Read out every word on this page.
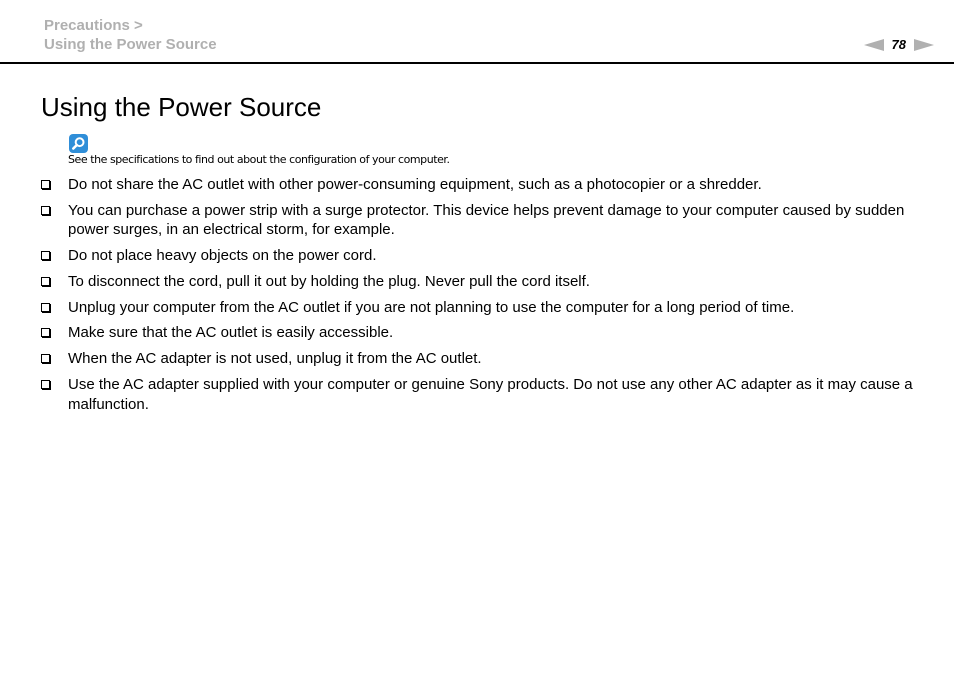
Precautions >
Using the Power Source	78
Using the Power Source
See the specifications to find out about the configuration of your computer.
Do not share the AC outlet with other power-consuming equipment, such as a photocopier or a shredder.
You can purchase a power strip with a surge protector. This device helps prevent damage to your computer caused by sudden power surges, in an electrical storm, for example.
Do not place heavy objects on the power cord.
To disconnect the cord, pull it out by holding the plug. Never pull the cord itself.
Unplug your computer from the AC outlet if you are not planning to use the computer for a long period of time.
Make sure that the AC outlet is easily accessible.
When the AC adapter is not used, unplug it from the AC outlet.
Use the AC adapter supplied with your computer or genuine Sony products. Do not use any other AC adapter as it may cause a malfunction.
